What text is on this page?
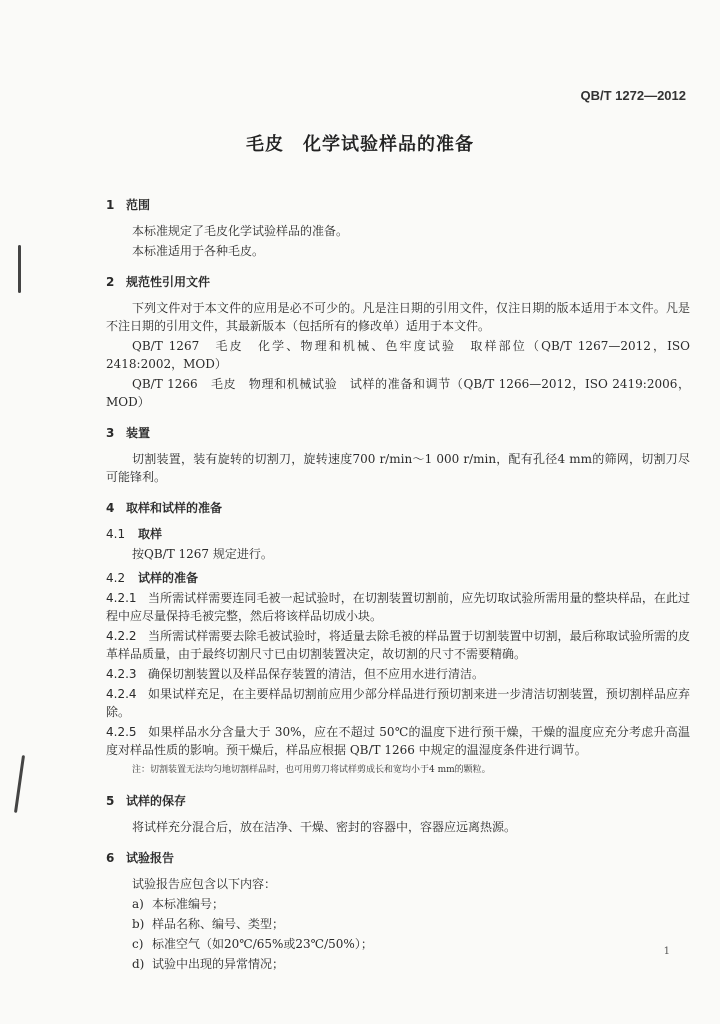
QB/T 1272—2012
毛皮　化学试验样品的准备
1 范围
本标准规定了毛皮化学试验样品的准备。
本标准适用于各种毛皮。
2 规范性引用文件
下列文件对于本文件的应用是必不可少的。凡是注日期的引用文件，仅注日期的版本适用于本文件。凡是不注日期的引用文件，其最新版本（包括所有的修改单）适用于本文件。
QB/T 1267　毛皮　化学、物理和机械、色牢度试验　取样部位（QB/T 1267—2012，ISO 2418:2002，MOD）
QB/T 1266　毛皮　物理和机械试验　试样的准备和调节（QB/T 1266—2012，ISO 2419:2006，MOD）
3 装置
切割装置，装有旋转的切割刀，旋转速度700 r/min～1 000 r/min，配有孔径4 mm的筛网，切割刀尽可能锋利。
4 取样和试样的准备
4.1 取样
按QB/T 1267 规定进行。
4.2 试样的准备
4.2.1 当所需试样需要连同毛被一起试验时，在切割装置切割前，应先切取试验所需用量的整块样品，在此过程中应尽量保持毛被完整，然后将该样品切成小块。
4.2.2 当所需试样需要去除毛被试验时，将适量去除毛被的样品置于切割装置中切割，最后称取试验所需的皮革样品质量，由于最终切割尺寸已由切割装置决定，故切割的尺寸不需要精确。
4.2.3 确保切割装置以及样品保存装置的清洁，但不应用水进行清洁。
4.2.4 如果试样充足，在主要样品切割前应用少部分样品进行预切割来进一步清洁切割装置，预切割样品应弃除。
4.2.5 如果样品水分含量大于 30%，应在不超过 50℃的温度下进行预干燥，干燥的温度应充分考虑升高温度对样品性质的影响。预干燥后，样品应根据 QB/T 1266 中规定的温湿度条件进行调节。
注：切割装置无法均匀地切割样品时，也可用剪刀将试样剪成长和宽均小于4 mm的颗粒。
5 试样的保存
将试样充分混合后，放在洁净、干燥、密封的容器中，容器应远离热源。
6 试验报告
试验报告应包含以下内容：
a) 本标准编号；
b) 样品名称、编号、类型；
c) 标准空气（如20℃/65%或23℃/50%）；
d) 试验中出现的异常情况；
1
